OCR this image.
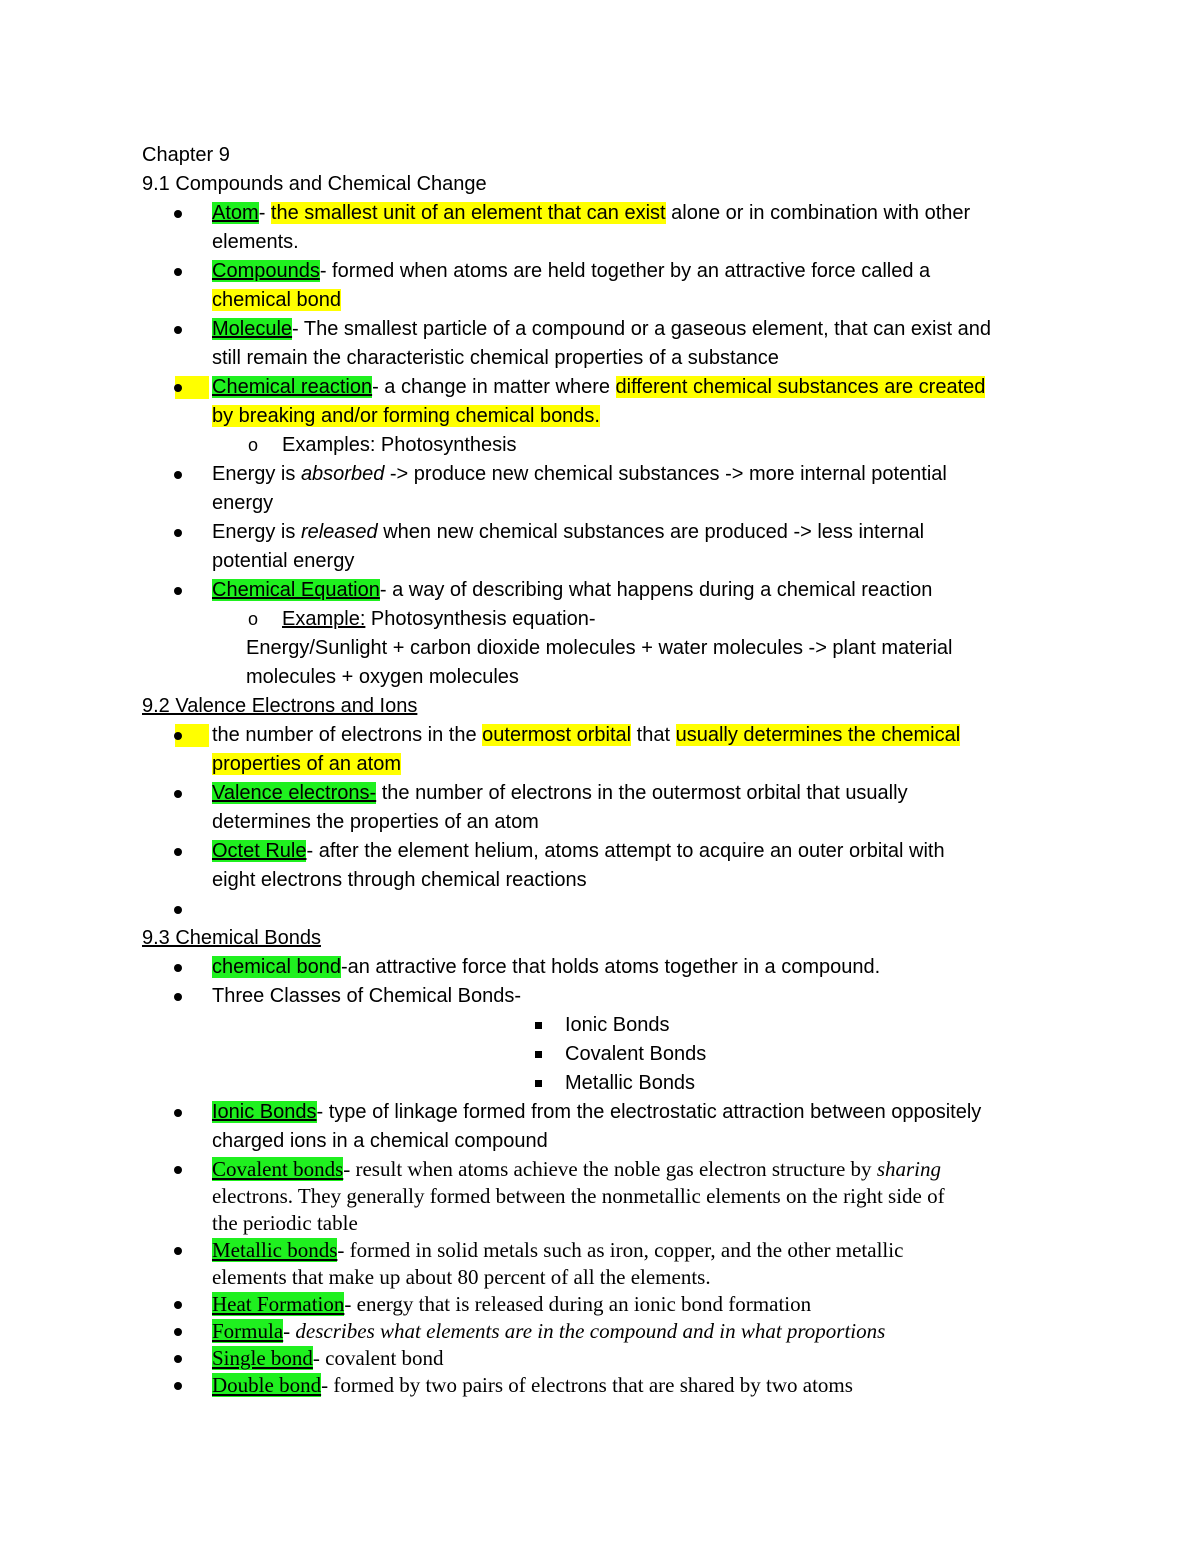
Chapter 9
9.1 Compounds and Chemical Change
Atom- the smallest unit of an element that can exist alone or in combination with other
elements.
Compounds- formed when atoms are held together by an attractive force called a
chemical bond
Molecule- The smallest particle of a compound or a gaseous element, that can exist and
still remain the characteristic chemical properties of a substance
Chemical reaction- a change in matter where different chemical substances are created
by breaking and/or forming chemical bonds.
o Examples: Photosynthesis
Energy is absorbed -> produce new chemical substances -> more internal potential
energy
Energy is released when new chemical substances are produced -> less internal
potential energy
Chemical Equation- a way of describing what happens during a chemical reaction
o Example: Photosynthesis equation-
Energy/Sunlight + carbon dioxide molecules + water molecules -> plant material
molecules + oxygen molecules
9.2 Valence Electrons and Ions
the number of electrons in the outermost orbital that usually determines the chemical
properties of an atom
Valence electrons- the number of electrons in the outermost orbital that usually
determines the properties of an atom
Octet Rule- after the element helium, atoms attempt to acquire an outer orbital with
eight electrons through chemical reactions

9.3 Chemical Bonds
chemical bond-an attractive force that holds atoms together in a compound.
Three Classes of Chemical Bonds-
Ionic Bonds
Covalent Bonds
Metallic Bonds
Ionic Bonds- type of linkage formed from the electrostatic attraction between oppositely
charged ions in a chemical compound
Covalent bonds- result when atoms achieve the noble gas electron structure by sharing
electrons. They generally formed between the nonmetallic elements on the right side of
the periodic table
Metallic bonds- formed in solid metals such as iron, copper, and the other metallic
elements that make up about 80 percent of all the elements.
Heat Formation- energy that is released during an ionic bond formation
Formula- describes what elements are in the compound and in what proportions
Single bond- covalent bond
Double bond- formed by two pairs of electrons that are shared by two atoms
